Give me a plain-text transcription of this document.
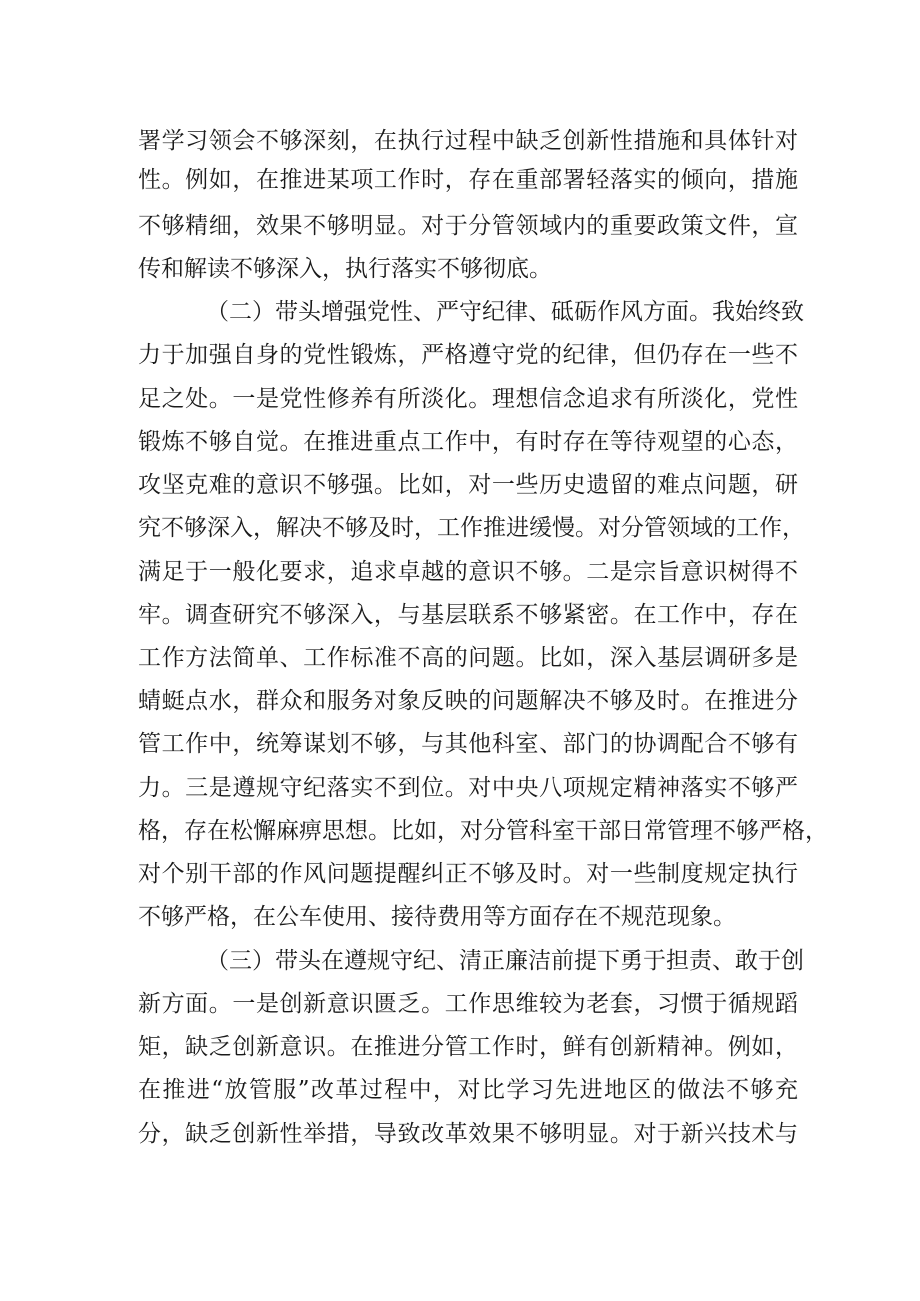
署学习领会不够深刻，在执行过程中缺乏创新性措施和具体针对

性。例如，在推进某项工作时，存在重部署轻落实的倾向，措施

不够精细，效果不够明显。对于分管领域内的重要政策文件，宣

传和解读不够深入，执行落实不够彻底。

（二）带头增强党性、严守纪律、砥砺作风方面。我始终致

力于加强自身的党性锻炼，严格遵守党的纪律，但仍存在一些不

足之处。一是党性修养有所淡化。理想信念追求有所淡化，党性

锻炼不够自觉。在推进重点工作中，有时存在等待观望的心态，

攻坚克难的意识不够强。比如，对一些历史遗留的难点问题，研

究不够深入，解决不够及时，工作推进缓慢。对分管领域的工作，

满足于一般化要求，追求卓越的意识不够。二是宗旨意识树得不

牢。调查研究不够深入，与基层联系不够紧密。在工作中，存在

工作方法简单、工作标准不高的问题。比如，深入基层调研多是

蜻蜓点水，群众和服务对象反映的问题解决不够及时。在推进分

管工作中，统筹谋划不够，与其他科室、部门的协调配合不够有

力。三是遵规守纪落实不到位。对中央八项规定精神落实不够严

格，存在松懈麻痹思想。比如，对分管科室干部日常管理不够严格，

对个别干部的作风问题提醒纠正不够及时。对一些制度规定执行

不够严格，在公车使用、接待费用等方面存在不规范现象。

（三）带头在遵规守纪、清正廉洁前提下勇于担责、敢于创

新方面。一是创新意识匮乏。工作思维较为老套，习惯于循规蹈

矩，缺乏创新意识。在推进分管工作时，鲜有创新精神。例如，

在推进“放管服”改革过程中，对比学习先进地区的做法不够充

分，缺乏创新性举措，导致改革效果不够明显。对于新兴技术与
